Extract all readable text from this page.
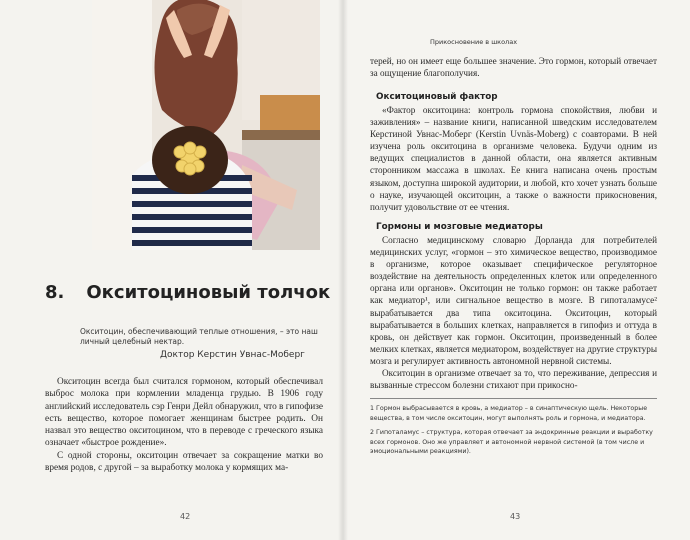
8. Окситоциновый толчок
Окситоцин, обеспечивающий теплые отношения, – это наш личный целебный нектар.
Доктор Керстин Увнас-Моберг

Окситоцин всегда был считался гормоном, который обеспечивал выброс молока при кормлении младенца грудью. В 1906 году английский исследователь сэр Генри Дейл обнаружил, что в гипофизе есть вещество, которое помогает женщинам быстрее родить. Он назвал это вещество окситоцином, что в переводе с греческого языка означает «быстрое рождение».

С одной стороны, окситоцин отвечает за сокращение матки во время родов, с другой – за выработку молока у кормящих ма-

42
Прикосновение в школах

терей, но он имеет еще большее значение. Это гормон, который отвечает за ощущение благополучия.

Окситоциновый фактор

«Фактор окситоцина: контроль гормона спокойствия, любви и заживления» – название книги, написанной шведским исследователем Керстиной Увнас-Моберг (Kerstin Uvnäs-Moberg) с соавторами. В ней изучена роль окситоцина в организме человека. Будучи одним из ведущих специалистов в данной области, она является активным сторонником массажа в школах. Ее книга написана очень простым языком, доступна широкой аудитории, и любой, кто хочет узнать больше о науке, изучающей окситоцин, а также о важности прикосновения, получит удовольствие от ее чтения.

Гормоны и мозговые медиаторы

Согласно медицинскому словарю Дорланда для потребителей медицинских услуг, «гормон – это химическое вещество, производимое в организме, которое оказывает специфическое регуляторное воздействие на деятельность определенных клеток или определенного органа или органов». Окситоцин не только гормон: он также работает как медиатор¹, или сигнальное вещество в мозге. В гипоталамусе² вырабатывается два типа окситоцина. Окситоцин, который вырабатывается в больших клетках, направляется в гипофиз и оттуда в кровь, он действует как гормон. Окситоцин, произведенный в более мелких клетках, является медиатором, воздействует на другие структуры мозга и регулирует активность автономной нервной системы.

Окситоцин в организме отвечает за то, что переживание, депрессия и вызванные стрессом болезни стихают при прикосно-

1 Гормон выбрасывается в кровь, а медиатор – в синаптическую щель. Некоторые вещества, в том числе окситоцин, могут выполнять роль и гормона, и медиатора.

2 Гипоталамус – структура, которая отвечает за эндокринные реакции и выработку всех гормонов. Оно же управляет и автономной нервной системой (в том числе и эмоциональными реакциями).

43
